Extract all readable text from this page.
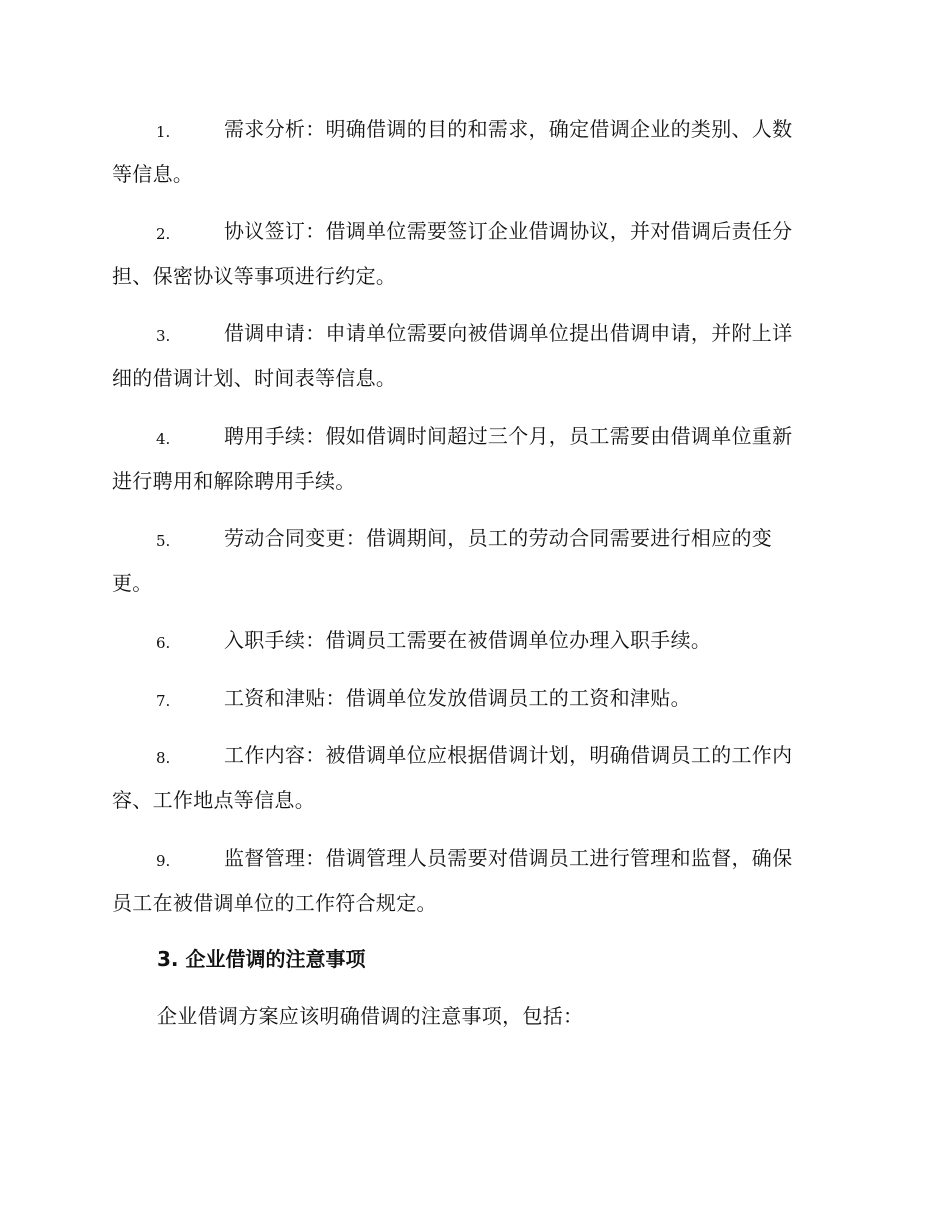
1.	需求分析：明确借调的目的和需求，确定借调企业的类别、人数
等信息。
2.	协议签订：借调单位需要签订企业借调协议，并对借调后责任分
担、保密协议等事项进行约定。
3.	借调申请：申请单位需要向被借调单位提出借调申请，并附上详
细的借调计划、时间表等信息。
4.	聘用手续：假如借调时间超过三个月，员工需要由借调单位重新
进行聘用和解除聘用手续。
5.	劳动合同变更：借调期间，员工的劳动合同需要进行相应的变
更。
6.	入职手续：借调员工需要在被借调单位办理入职手续。
7.	工资和津贴：借调单位发放借调员工的工资和津贴。
8.	工作内容：被借调单位应根据借调计划，明确借调员工的工作内
容、工作地点等信息。
9.	监督管理：借调管理人员需要对借调员工进行管理和监督，确保
员工在被借调单位的工作符合规定。
3. 企业借调的注意事项
企业借调方案应该明确借调的注意事项，包括：
